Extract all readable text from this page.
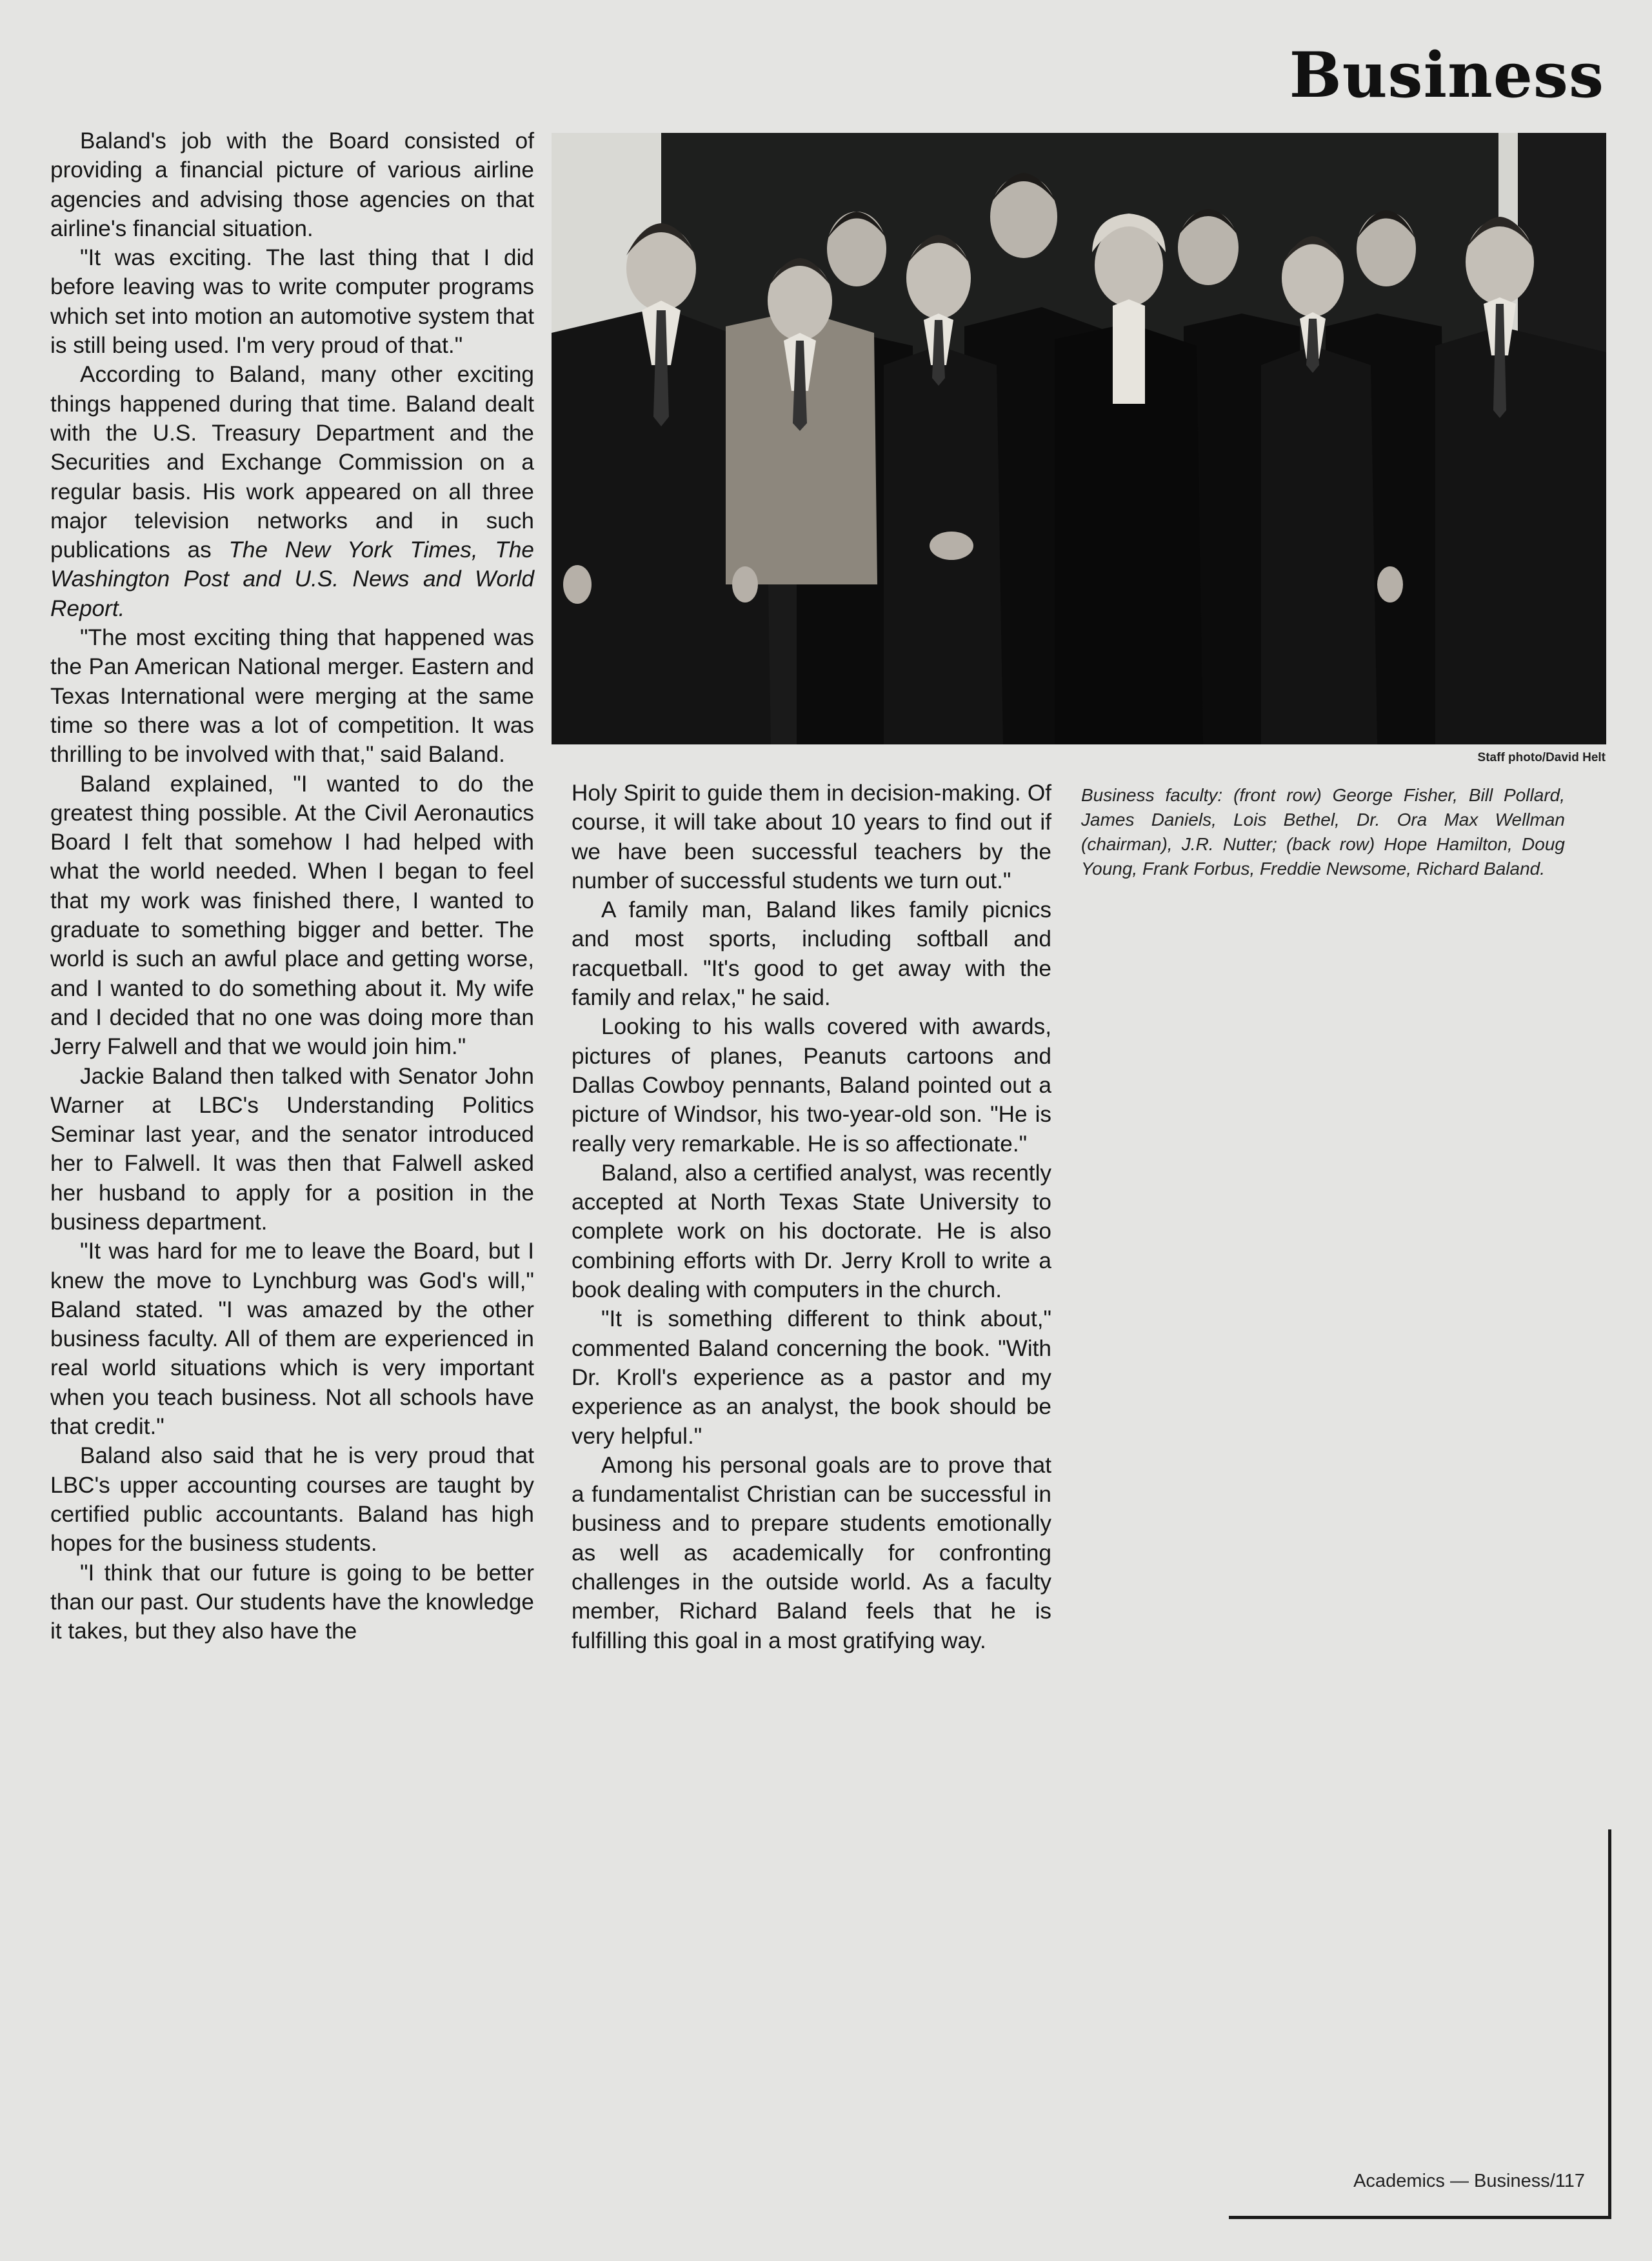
Business

Baland's job with the Board consisted of providing a financial picture of various airline agencies and advising those agencies on that airline's financial situation.

"It was exciting. The last thing that I did before leaving was to write computer programs which set into motion an automotive system that is still being used. I'm very proud of that."

According to Baland, many other exciting things happened during that time. Baland dealt with the U.S. Treasury Department and the Securities and Exchange Commission on a regular basis. His work appeared on all three major television networks and in such publications as The New York Times, The Washington Post and U.S. News and World Report.

"The most exciting thing that happened was the Pan American National merger. Eastern and Texas International were merging at the same time so there was a lot of competition. It was thrilling to be involved with that," said Baland.

Baland explained, "I wanted to do the greatest thing possible. At the Civil Aeronautics Board I felt that somehow I had helped with what the world needed. When I began to feel that my work was finished there, I wanted to graduate to something bigger and better. The world is such an awful place and getting worse, and I wanted to do something about it. My wife and I decided that no one was doing more than Jerry Falwell and that we would join him."

Jackie Baland then talked with Senator John Warner at LBC's Understanding Politics Seminar last year, and the senator introduced her to Falwell. It was then that Falwell asked her husband to apply for a position in the business department.

"It was hard for me to leave the Board, but I knew the move to Lynchburg was God's will," Baland stated. "I was amazed by the other business faculty. All of them are experienced in real world situations which is very important when you teach business. Not all schools have that credit."

Baland also said that he is very proud that LBC's upper accounting courses are taught by certified public accountants. Baland has high hopes for the business students.

"I think that our future is going to be better than our past. Our students have the knowledge it takes, but they also have the

Staff photo/David Helt
Business faculty: (front row) George Fisher, Bill Pollard, James Daniels, Lois Bethel, Dr. Ora Max Wellman (chairman), J.R. Nutter; (back row) Hope Hamilton, Doug Young, Frank Forbus, Freddie Newsome, Richard Baland.

Holy Spirit to guide them in decision-making. Of course, it will take about 10 years to find out if we have been successful teachers by the number of successful students we turn out."

A family man, Baland likes family picnics and most sports, including softball and racquetball. "It's good to get away with the family and relax," he said.

Looking to his walls covered with awards, pictures of planes, Peanuts cartoons and Dallas Cowboy pennants, Baland pointed out a picture of Windsor, his two-year-old son. "He is really very remarkable. He is so affectionate."

Baland, also a certified analyst, was recently accepted at North Texas State University to complete work on his doctorate. He is also combining efforts with Dr. Jerry Kroll to write a book dealing with computers in the church.

"It is something different to think about," commented Baland concerning the book. "With Dr. Kroll's experience as a pastor and my experience as an analyst, the book should be very helpful."

Among his personal goals are to prove that a fundamentalist Christian can be successful in business and to prepare students emotionally as well as academically for confronting challenges in the outside world. As a faculty member, Richard Baland feels that he is fulfilling this goal in a most gratifying way.

Academics — Business/117
